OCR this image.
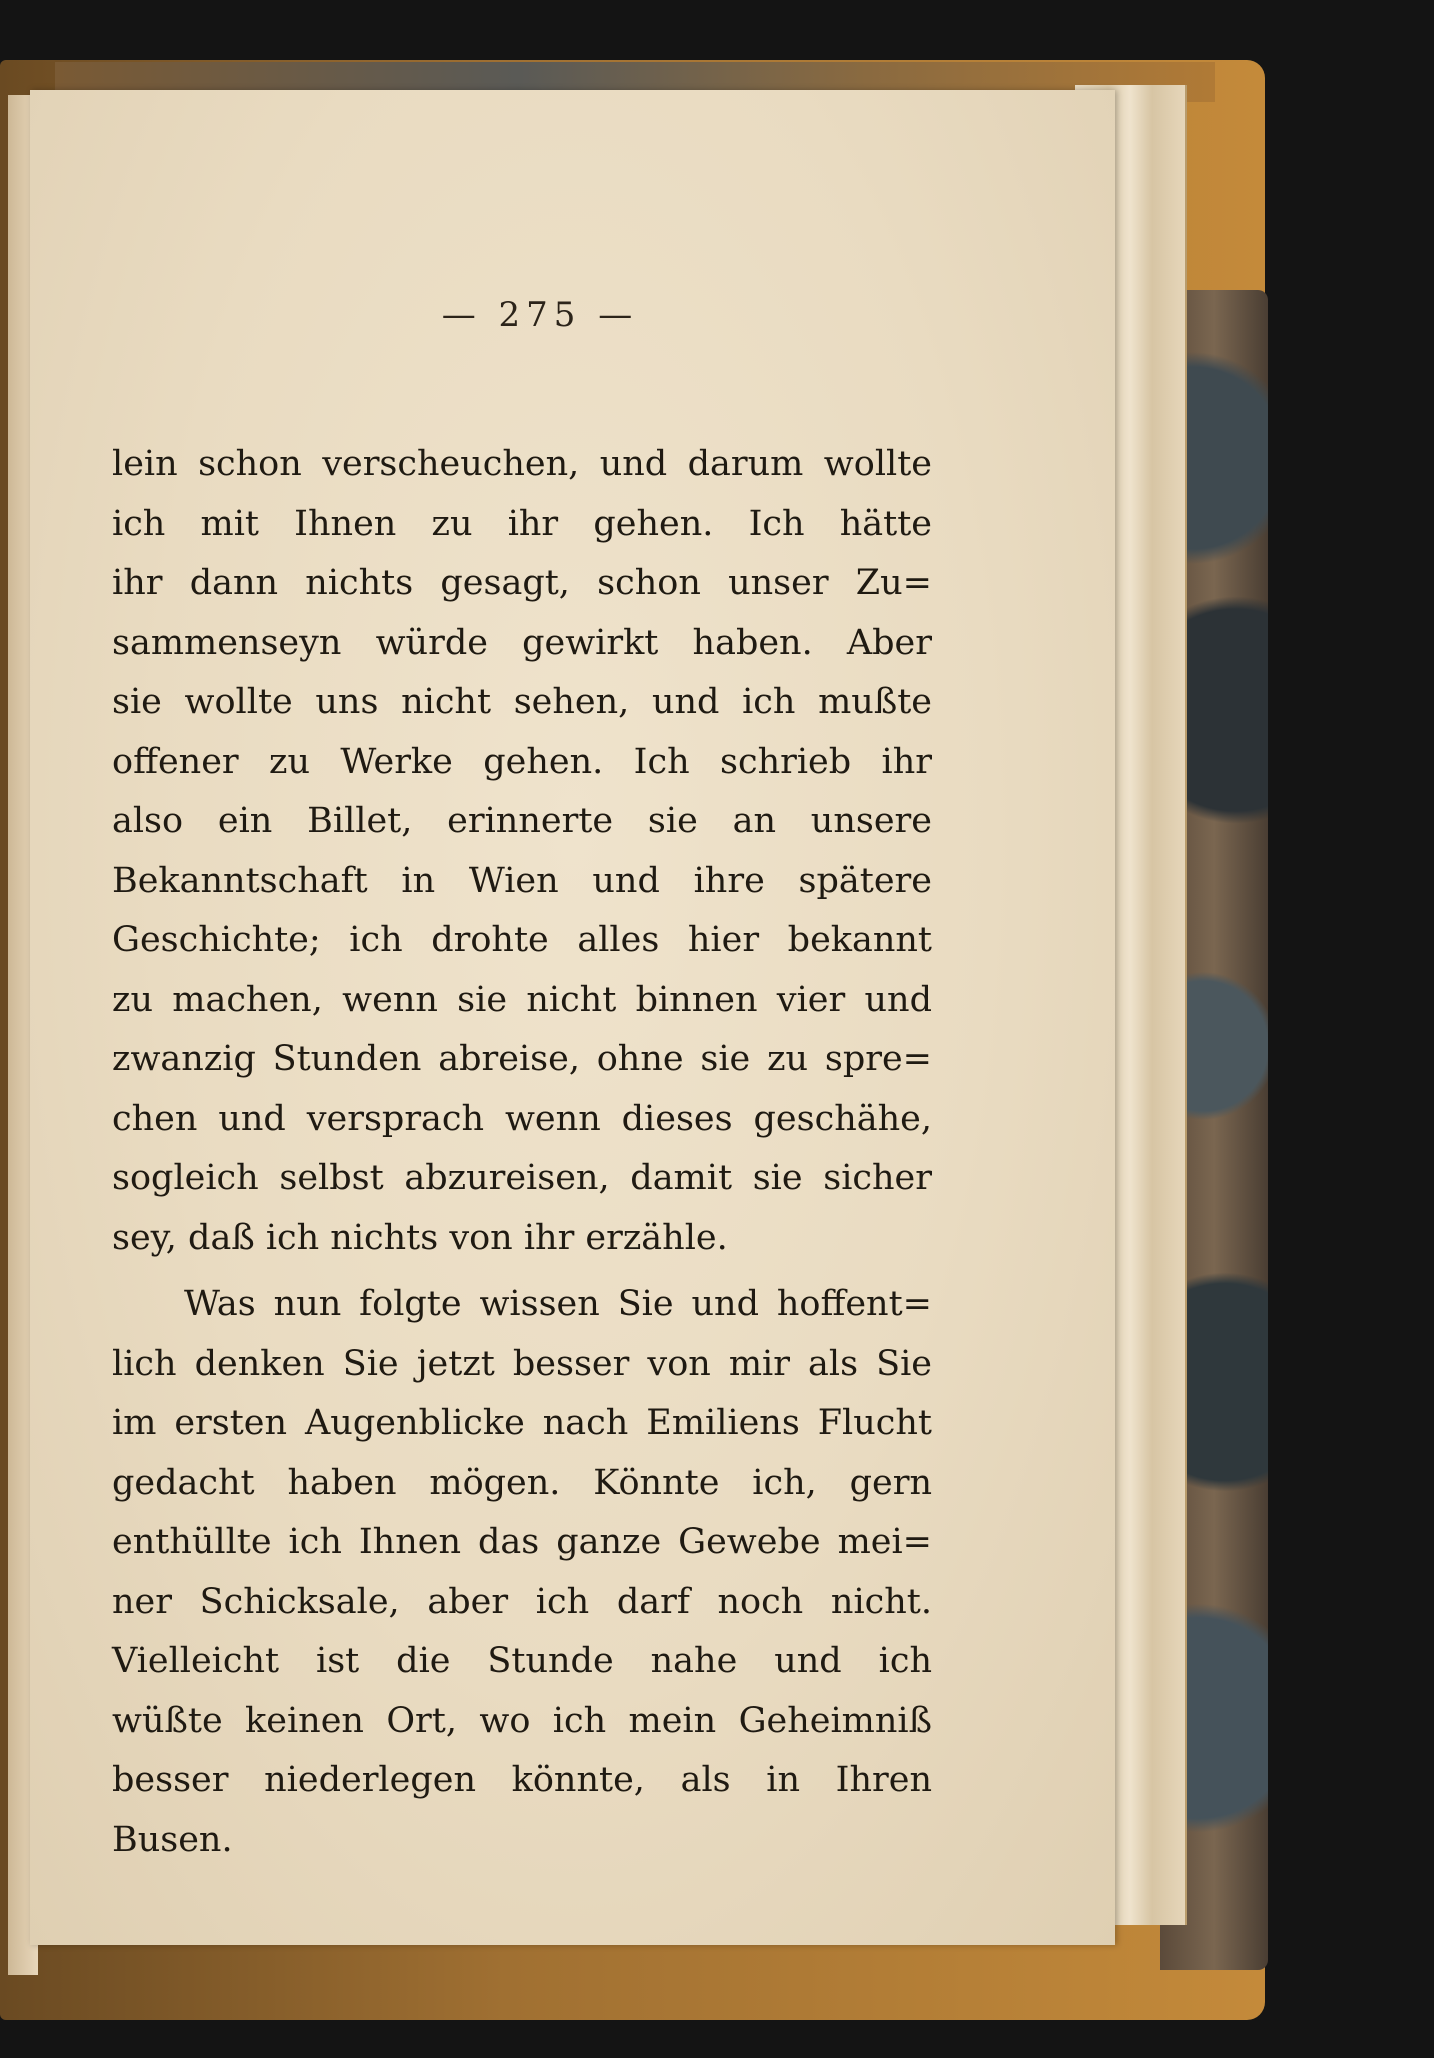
— 275 —
lein schon verscheuchen, und darum wollte
ich mit Ihnen zu ihr gehen. Ich hätte
ihr dann nichts gesagt, schon unser Zu=
sammenseyn würde gewirkt haben. Aber
sie wollte uns nicht sehen, und ich mußte
offener zu Werke gehen. Ich schrieb ihr
also ein Billet, erinnerte sie an unsere
Bekanntschaft in Wien und ihre spätere
Geschichte; ich drohte alles hier bekannt
zu machen, wenn sie nicht binnen vier und
zwanzig Stunden abreise, ohne sie zu spre=
chen und versprach wenn dieses geschähe,
sogleich selbst abzureisen, damit sie sicher
sey, daß ich nichts von ihr erzähle.
Was nun folgte wissen Sie und hoffent=
lich denken Sie jetzt besser von mir als Sie
im ersten Augenblicke nach Emiliens Flucht
gedacht haben mögen. Könnte ich, gern
enthüllte ich Ihnen das ganze Gewebe mei=
ner Schicksale, aber ich darf noch nicht.
Vielleicht ist die Stunde nahe und ich
wüßte keinen Ort, wo ich mein Geheimniß
besser niederlegen könnte, als in Ihren
Busen.
